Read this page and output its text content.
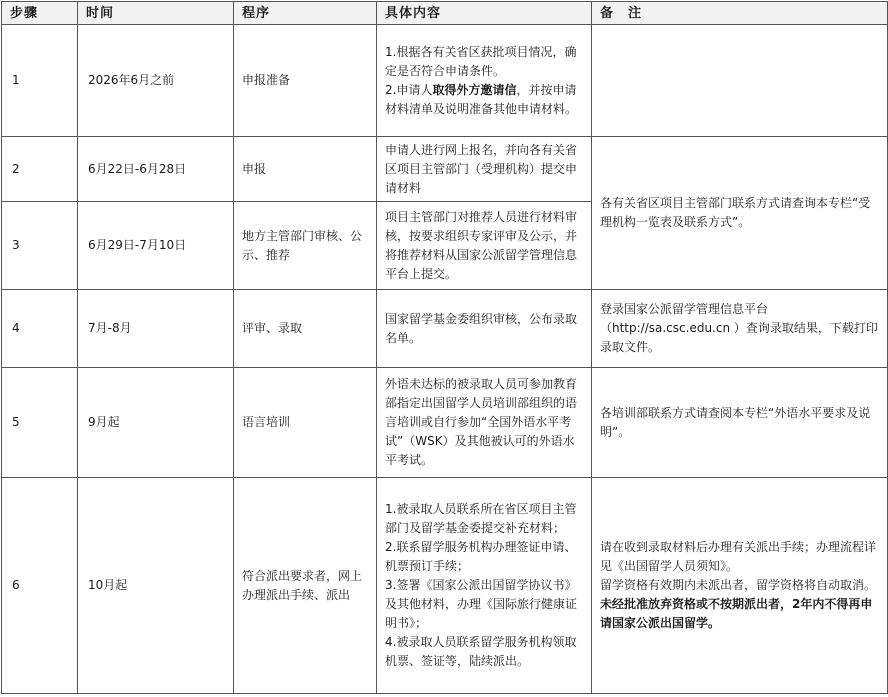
步骤	时间	程序	具体内容	备　注
1	2026年6月之前	申报准备	1.根据各有关省区获批项目情况，确定是否符合申请条件。
2.申请人取得外方邀请信，并按申请材料清单及说明准备其他申请材料。	

2	6月22日-6月28日	申报	申请人进行网上报名，并向各有关省区项目主管部门（受理机构）提交申请材料	各有关省区项目主管部门联系方式请查询本专栏“受理机构一览表及联系方式”。
3	6月29日-7月10日	地方主管部门审核、公示、推荐	项目主管部门对推荐人员进行材料审核，按要求组织专家评审及公示，并将推荐材料从国家公派留学管理信息平台上提交。	
4	7月-8月	评审、录取	国家留学基金委组织审核，公布录取名单。	登录国家公派留学管理信息平台
（http://sa.csc.edu.cn ）查询录取结果，下载打印录取文件。

5	9月起	语言培训	外语未达标的被录取人员可参加教育部指定出国留学人员培训部组织的语言培训或自行参加“全国外语水平考试”（WSK）及其他被认可的外语水平考试。	各培训部联系方式请查阅本专栏“外语水平要求及说明”。
6	10月起	符合派出要求者，网上办理派出手续、派出	1.被录取人员联系所在省区项目主管部门及留学基金委提交补充材料；
2.联系留学服务机构办理签证申请、机票预订手续；
3.签署《国家公派出国留学协议书》及其他材料，办理《国际旅行健康证明书》；
4.被录取人员联系留学服务机构领取机票、签证等，陆续派出。	请在收到录取材料后办理有关派出手续；办理流程详见《出国留学人员须知》。
留学资格有效期内未派出者，留学资格将自动取消。未经批准放弃资格或不按期派出者，2年内不得再申请国家公派出国留学。
